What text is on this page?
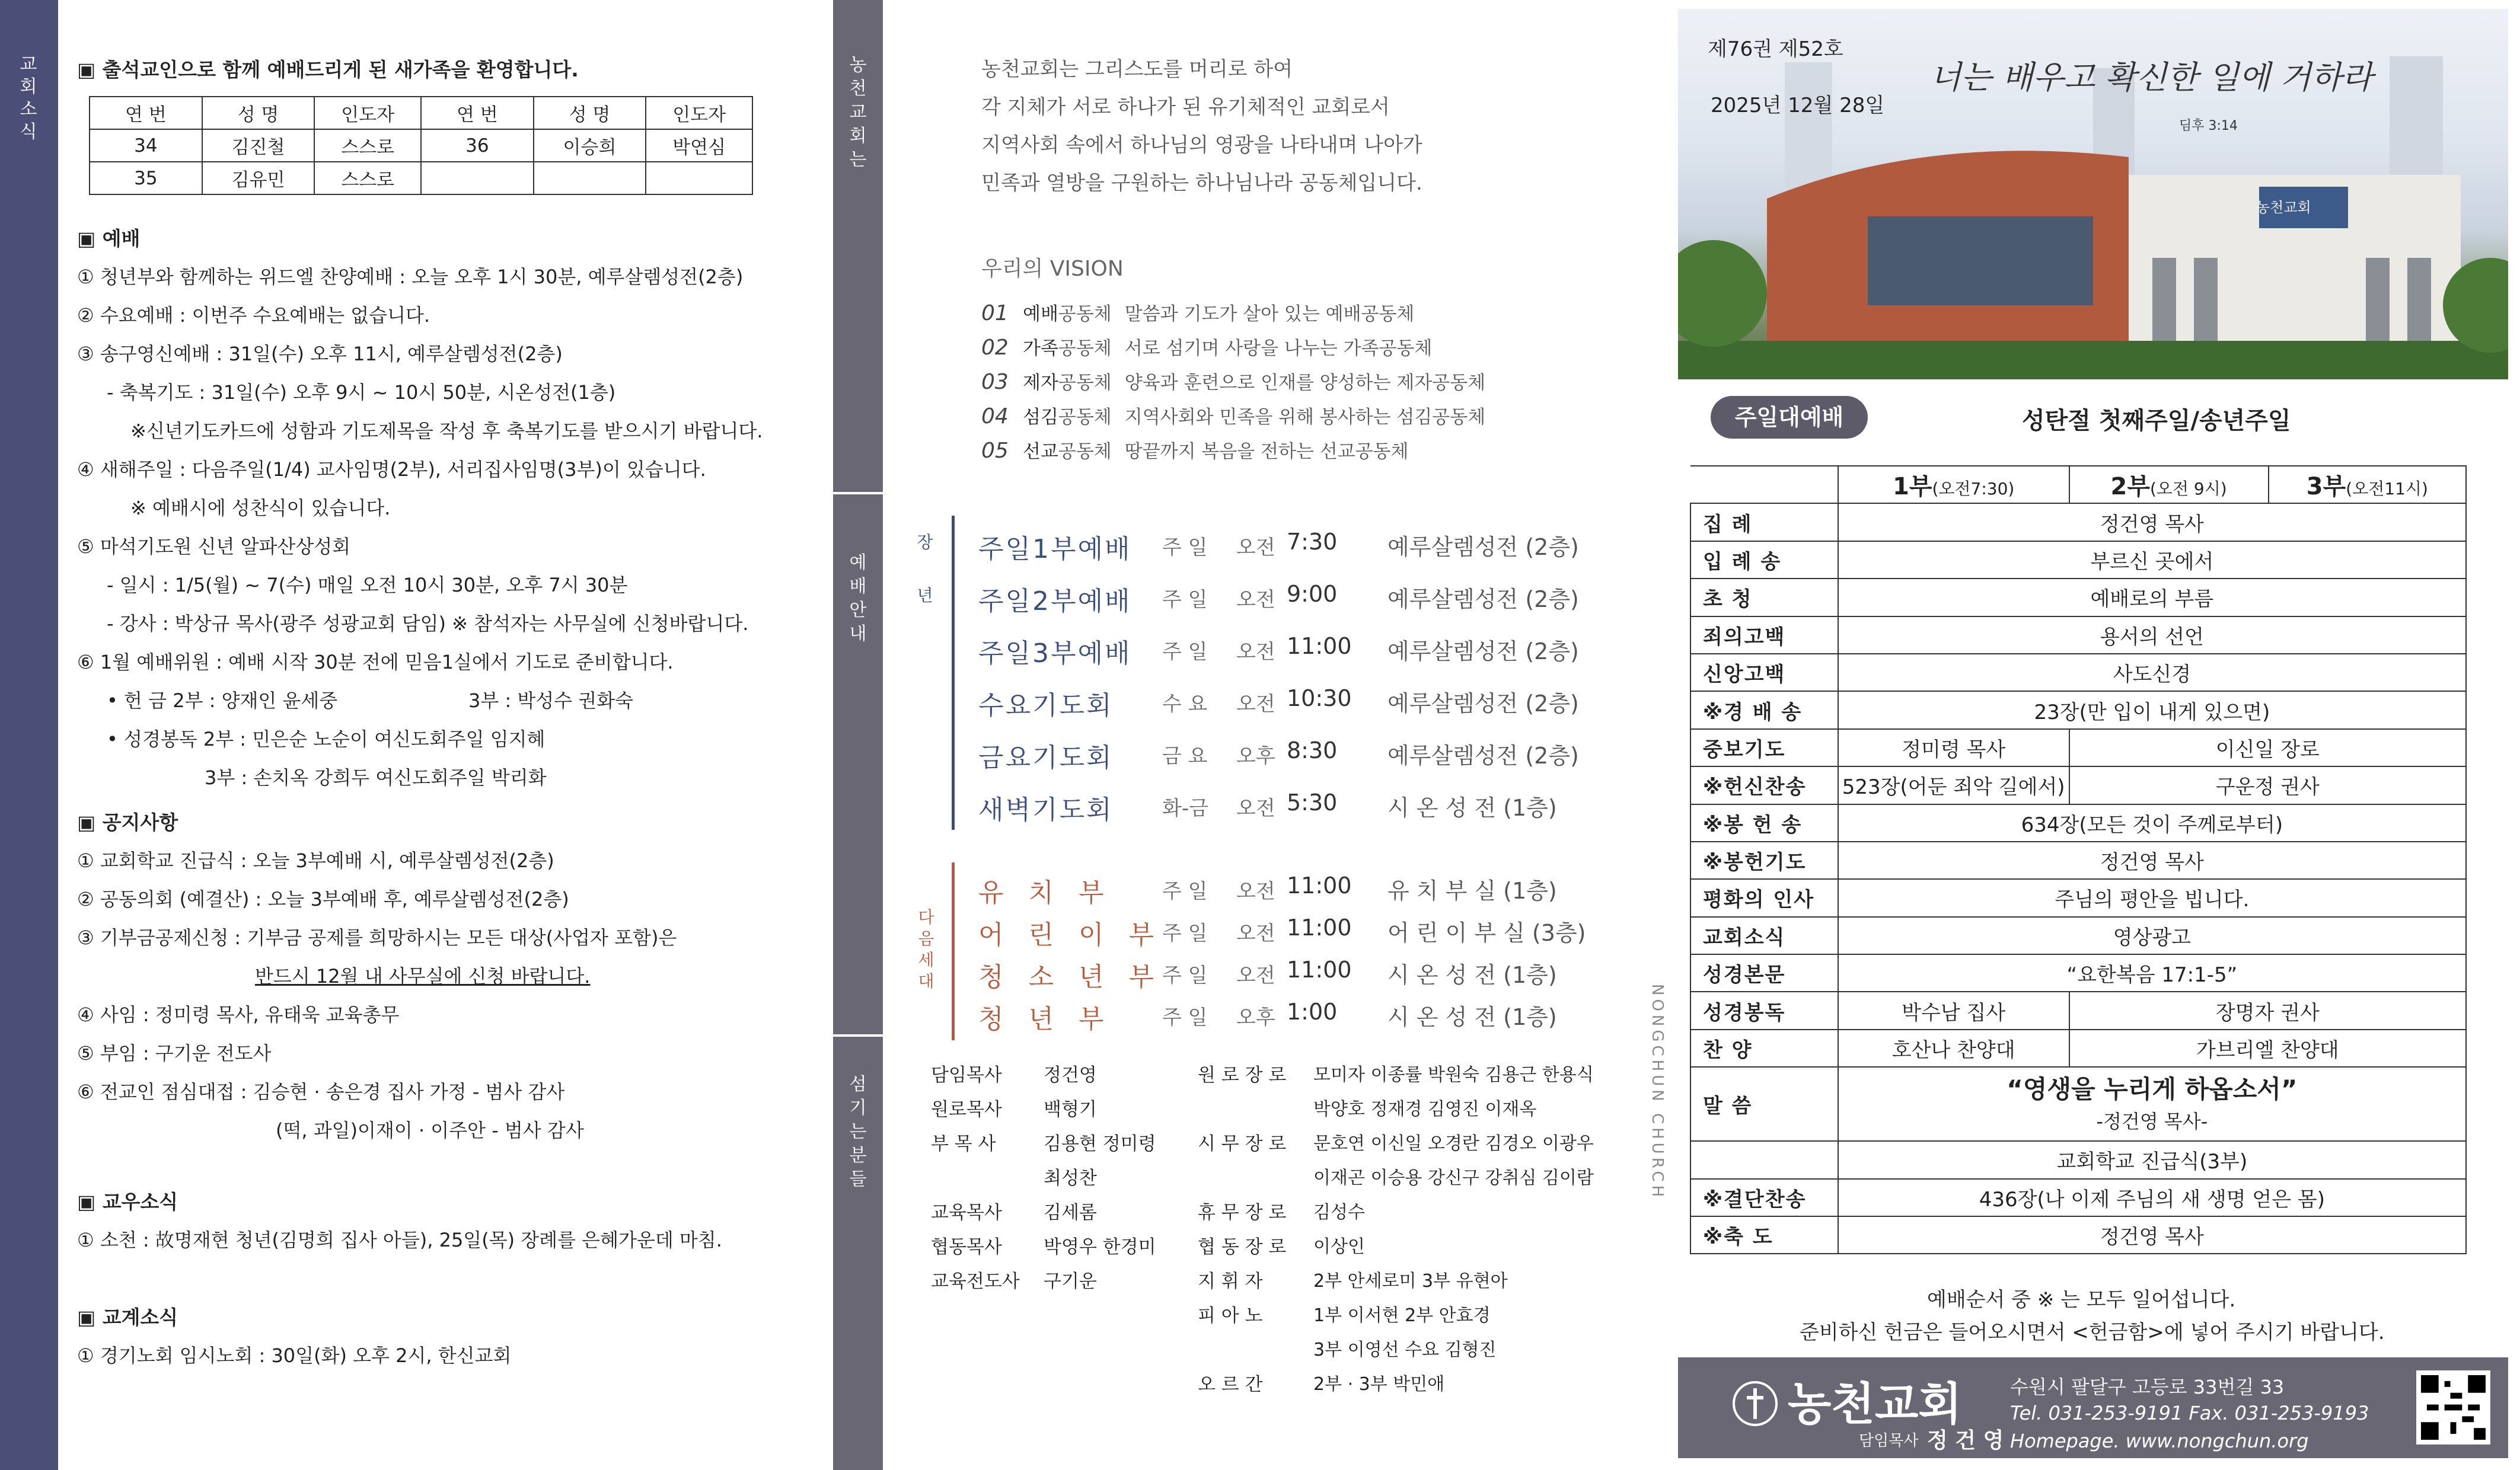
교
회
소
식
▣ 출석교인으로 함께 예배드리게 된 새가족을 환영합니다.
연 번	성 명	인도자	연 번	성 명	인도자
34	김진철	스스로	36	이승희	박연심
35	김유민	스스로			
▣ 예배
① 청년부와 함께하는 위드엘 찬양예배 : 오늘 오후 1시 30분, 예루살렘성전(2층)
② 수요예배 : 이번주 수요예배는 없습니다.
③ 송구영신예배 : 31일(수) 오후 11시, 예루살렘성전(2층)
- 축복기도 : 31일(수) 오후 9시 ~ 10시 50분, 시온성전(1층)
※신년기도카드에 성함과 기도제목을 작성 후 축복기도를 받으시기 바랍니다.
④ 새해주일 : 다음주일(1/4) 교사임명(2부), 서리집사임명(3부)이 있습니다.
※ 예배시에 성찬식이 있습니다.
⑤ 마석기도원 신년 알파산상성회
- 일시 : 1/5(월) ~ 7(수) 매일 오전 10시 30분, 오후 7시 30분
- 강사 : 박상규 목사(광주 성광교회 담임) ※ 참석자는 사무실에 신청바랍니다.
⑥ 1월 예배위원 : 예배 시작 30분 전에 믿음1실에서 기도로 준비합니다.
• 헌 금 2부 : 양재인 윤세중	3부 : 박성수 권화숙
• 성경봉독 2부 : 민은순 노순이 여신도회주일 임지혜
3부 : 손치옥 강희두 여신도회주일 박리화
▣ 공지사항
① 교회학교 진급식 : 오늘 3부예배 시, 예루살렘성전(2층)
② 공동의회 (예결산) : 오늘 3부예배 후, 예루살렘성전(2층)
③ 기부금공제신청 : 기부금 공제를 희망하시는 모든 대상(사업자 포함)은
반드시 12월 내 사무실에 신청 바랍니다.
④ 사임 : 정미령 목사, 유태욱 교육총무
⑤ 부임 : 구기운 전도사
⑥ 전교인 점심대접 : 김승현 · 송은경 집사 가정 - 범사 감사
(떡, 과일)이재이 · 이주안 - 범사 감사
▣ 교우소식
① 소천 : 故명재현 청년(김명희 집사 아들), 25일(목) 장례를 은혜가운데 마침.
▣ 교계소식
① 경기노회 임시노회 : 30일(화) 오후 2시, 한신교회
농
천
교
회
는
예
배
안
내
섬
기
는
분
들
농천교회는 그리스도를 머리로 하여
각 지체가 서로 하나가 된 유기체적인 교회로서
지역사회 속에서 하나님의 영광을 나타내며 나아가
민족과 열방을 구원하는 하나님나라 공동체입니다.
우리의 VISION
01 예배공동체 말씀과 기도가 살아 있는 예배공동체
02 가족공동체 서로 섬기며 사랑을 나누는 가족공동체
03 제자공동체 양육과 훈련으로 인재를 양성하는 제자공동체
04 섬김공동체 지역사회와 민족을 위해 봉사하는 섬김공동체
05 선교공동체 땅끝까지 복음을 전하는 선교공동체
장
년
주일1부예배 주 일 오전 7:30 예루살렘성전 (2층)
주일2부예배 주 일 오전 9:00 예루살렘성전 (2층)
주일3부예배 주 일 오전 11:00 예루살렘성전 (2층)
수요기도회 수 요 오전 10:30 예루살렘성전 (2층)
금요기도회 금 요 오후 8:30 예루살렘성전 (2층)
새벽기도회 화-금 오전 5:30 시 온 성 전 (1층)
다
음
세
대
유 치 부 주 일 오전 11:00 유 치 부 실 (1층)
어 린 이 부 주 일 오전 11:00 어 린 이 부 실 (3층)
청 소 년 부 주 일 오전 11:00 시 온 성 전 (1층)
청 년 부 주 일 오후 1:00 시 온 성 전 (1층)
담임목사 정건영
원로목사 백형기
부 목 사	김용현 정미령
최성찬
교육목사 김세롬
협동목사 박영우 한경미
교육전도사 구기운
원 로 장 로 모미자 이종률 박원숙 김용근 한용식
박양호 정재경 김영진 이재옥
시 무 장 로 문호연 이신일 오경란 김경오 이광우
이재곤 이승용 강신구 강취심 김이람
휴 무 장 로 김성수
협 동 장 로 이상인
지 휘 자	2부 안세로미 3부 유현아
피 아 노	1부 이서현 2부 안효경
3부 이영선 수요 김형진
오 르 간	2부 · 3부 박민애
NONGCHUN CHURCH
제76권 제52호
2025년 12월 28일
너는 배우고 확신한 일에 거하라
딤후 3:14
농천교회
주일대예배	성탄절 첫째주일/송년주일
	1부(오전7:30)	2부(오전 9시)	3부(오전11시)
집 례	정건영 목사		
입 례 송	부르신 곳에서		
초 청	예배로의 부름		
죄의고백	용서의 선언		
신앙고백	사도신경		
※경 배 송	23장(만 입이 내게 있으면)		
중보기도	정미령 목사	이신일 장로	
※헌신찬송	523장(어둔 죄악 길에서)	구운정 권사	
※봉 헌 송	634장(모든 것이 주께로부터)		
※봉헌기도	정건영 목사		
평화의 인사	주님의 평안을 빕니다.		
교회소식	영상광고		
성경본문	“요한복음 17:1-5”		
성경봉독	박수남 집사	장명자 권사	
찬 양	호산나 찬양대	가브리엘 찬양대	
말 씀	“영생을 누리게 하옵소서”
-정건영 목사-		

	교회학교 진급식(3부)		
※결단찬송	436장(나 이제 주님의 새 생명 얻은 몸)		
※축 도	정건영 목사		
예배순서 중 ※ 는 모두 일어섭니다.
준비하신 헌금은 들어오시면서 <헌금함>에 넣어 주시기 바랍니다.
농천교회
담임목사 정 건 영
수원시 팔달구 고등로 33번길 33
Tel. 031-253-9191 Fax. 031-253-9193
Homepage. www.nongchun.org
